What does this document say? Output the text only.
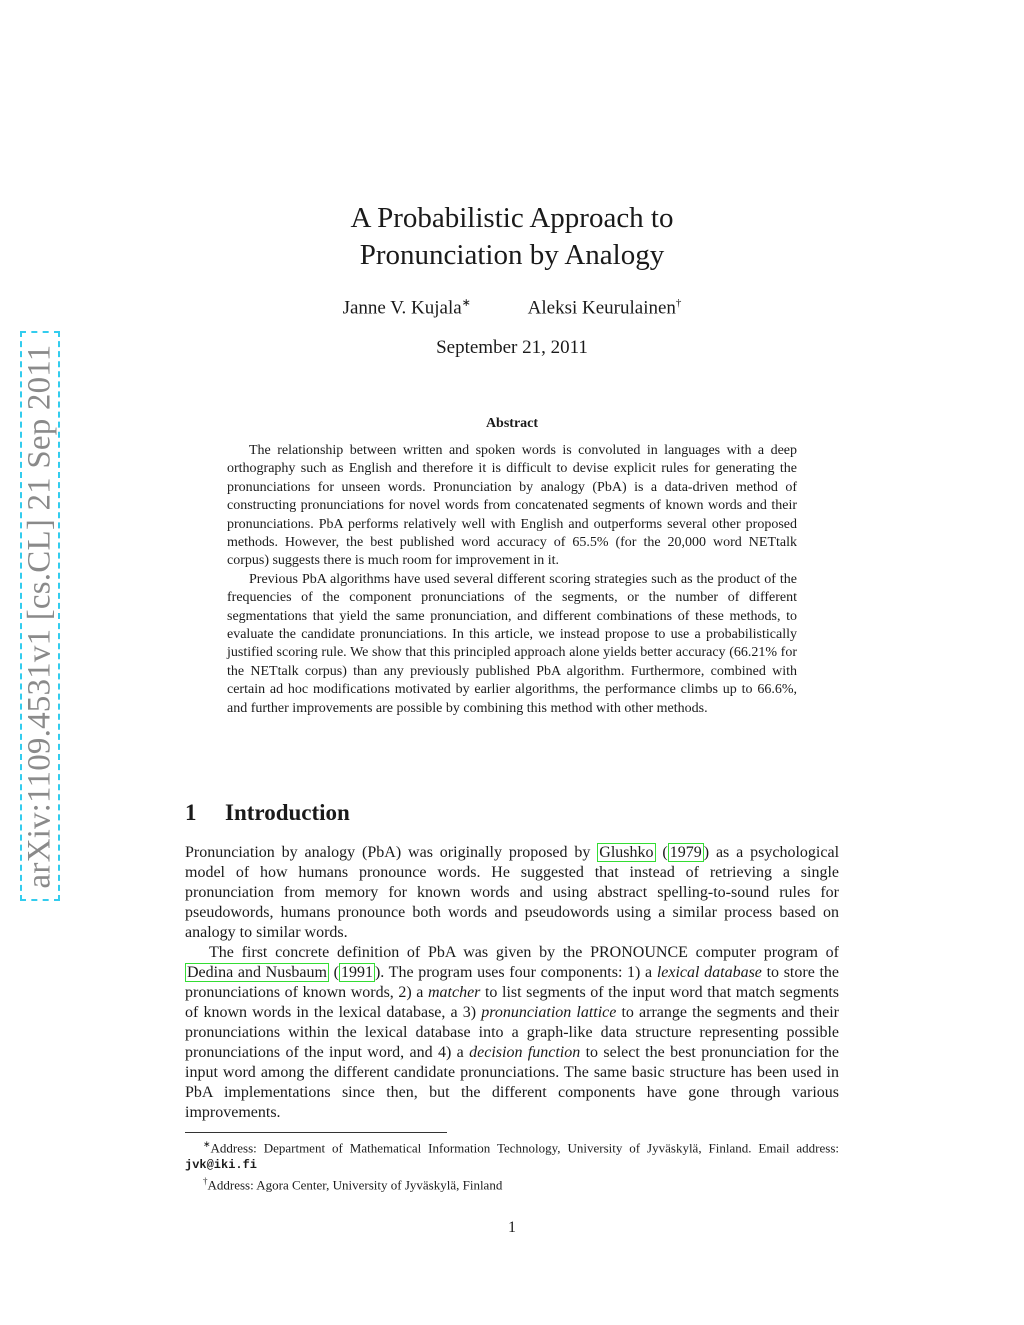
arXiv:1109.4531v1 [cs.CL] 21 Sep 2011
A Probabilistic Approach to
Pronunciation by Analogy
Janne V. Kujala∗	Aleksi Keurulainen†
September 21, 2011
Abstract

The relationship between written and spoken words is convoluted in languages with a deep orthography such as English and therefore it is difficult to devise explicit rules for generating the pronunciations for unseen words. Pronunciation by analogy (PbA) is a data-driven method of constructing pronunciations for novel words from concatenated segments of known words and their pronunciations. PbA performs relatively well with English and outperforms several other proposed methods. However, the best published word accuracy of 65.5% (for the 20,000 word NETtalk corpus) suggests there is much room for improvement in it.

Previous PbA algorithms have used several different scoring strategies such as the product of the frequencies of the component pronunciations of the segments, or the number of different segmentations that yield the same pronunciation, and different combinations of these methods, to evaluate the candidate pronunciations. In this article, we instead propose to use a probabilistically justified scoring rule. We show that this principled approach alone yields better accuracy (66.21% for the NETtalk corpus) than any previously published PbA algorithm. Furthermore, combined with certain ad hoc modifications motivated by earlier algorithms, the performance climbs up to 66.6%, and further improvements are possible by combining this method with other methods.

1 Introduction

Pronunciation by analogy (PbA) was originally proposed by Glushko ( 1979 ) as a psychological model of how humans pronounce words. He suggested that instead of retrieving a single pronunciation from memory for known words and using abstract spelling-to-sound rules for pseudowords, humans pronounce both words and pseudowords using a similar process based on analogy to similar words.

The first concrete definition of PbA was given by the PRONOUNCE computer program of Dedina and Nusbaum ( 1991 ). The program uses four components: 1) a lexical database to store the pronunciations of known words, 2) a matcher to list segments of the input word that match segments of known words in the lexical database, a 3) pronunciation lattice to arrange the segments and their pronunciations within the lexical database into a graph-like data structure representing possible pronunciations of the input word, and 4) a decision function to select the best pronunciation for the input word among the different candidate pronunciations. The same basic structure has been used in PbA implementations since then, but the different components have gone through various improvements.

∗Address: Department of Mathematical Information Technology, University of Jyväskylä, Finland. Email address: jvk@iki.fi

†Address: Agora Center, University of Jyväskylä, Finland

1
